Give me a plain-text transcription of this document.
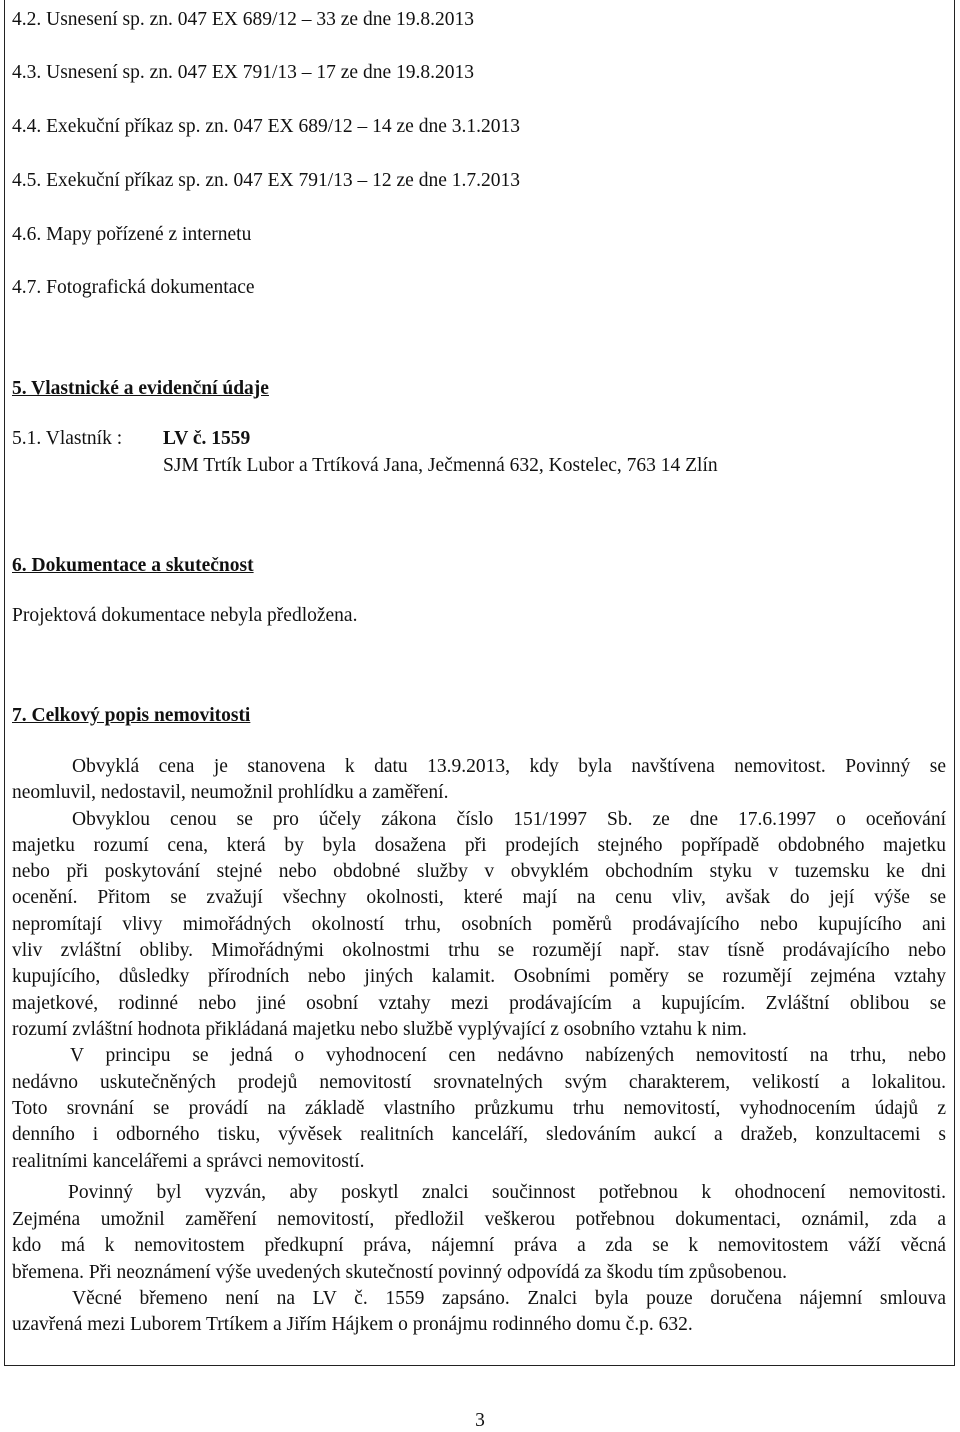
4.2. Usnesení sp. zn. 047 EX 689/12 – 33 ze dne 19.8.2013
4.3. Usnesení sp. zn. 047 EX 791/13 – 17 ze dne 19.8.2013
4.4. Exekuční příkaz sp. zn. 047 EX 689/12 – 14 ze dne 3.1.2013
4.5. Exekuční příkaz sp. zn. 047 EX 791/13 – 12 ze dne 1.7.2013
4.6. Mapy pořízené z internetu
4.7. Fotografická dokumentace
5. Vlastnické a evidenční údaje
5.1. Vlastník : LV č. 1559
SJM Trtík Lubor a Trtíková Jana, Ječmenná 632, Kostelec, 763 14 Zlín
6. Dokumentace a skutečnost
Projektová dokumentace nebyla předložena.
7. Celkový popis nemovitosti
Obvyklá cena je stanovena k datu 13.9.2013, kdy byla navštívena nemovitost. Povinný se
neomluvil, nedostavil, neumožnil prohlídku a zaměření.
Obvyklou cenou se pro účely zákona číslo 151/1997 Sb. ze dne 17.6.1997 o oceňování
majetku rozumí cena, která by byla dosažena při prodejích stejného popřípadě obdobného majetku
nebo při poskytování stejné nebo obdobné služby v obvyklém obchodním styku v tuzemsku ke dni
ocenění. Přitom se zvažují všechny okolnosti, které mají na cenu vliv, avšak do její výše se
nepromítají vlivy mimořádných okolností trhu, osobních poměrů prodávajícího nebo kupujícího ani
vliv zvláštní obliby. Mimořádnými okolnostmi trhu se rozumějí např. stav tísně prodávajícího nebo
kupujícího, důsledky přírodních nebo jiných kalamit. Osobními poměry se rozumějí zejména vztahy
majetkové, rodinné nebo jiné osobní vztahy mezi prodávajícím a kupujícím. Zvláštní oblibou se
rozumí zvláštní hodnota přikládaná majetku nebo službě vyplývající z osobního vztahu k nim.
V principu se jedná o vyhodnocení cen nedávno nabízených nemovitostí na trhu, nebo
nedávno uskutečněných prodejů nemovitostí srovnatelných svým charakterem, velikostí a lokalitou.
Toto srovnání se provádí na základě vlastního průzkumu trhu nemovitostí, vyhodnocením údajů z
denního i odborného tisku, vývěsek realitních kanceláří, sledováním aukcí a dražeb, konzultacemi s
realitními kancelářemi a správci nemovitostí.
Povinný byl vyzván, aby poskytl znalci součinnost potřebnou k ohodnocení nemovitosti.
Zejména umožnil zaměření nemovitostí, předložil veškerou potřebnou dokumentaci, oznámil, zda a
kdo má k nemovitostem předkupní práva, nájemní práva a zda se k nemovitostem váží věcná
břemena. Při neoznámení výše uvedených skutečností povinný odpovídá za škodu tím způsobenou.
Věcné břemeno není na LV č. 1559 zapsáno. Znalci byla pouze doručena nájemní smlouva
uzavřená mezi Luborem Trtíkem a Jiřím Hájkem o pronájmu rodinného domu č.p. 632.
3
